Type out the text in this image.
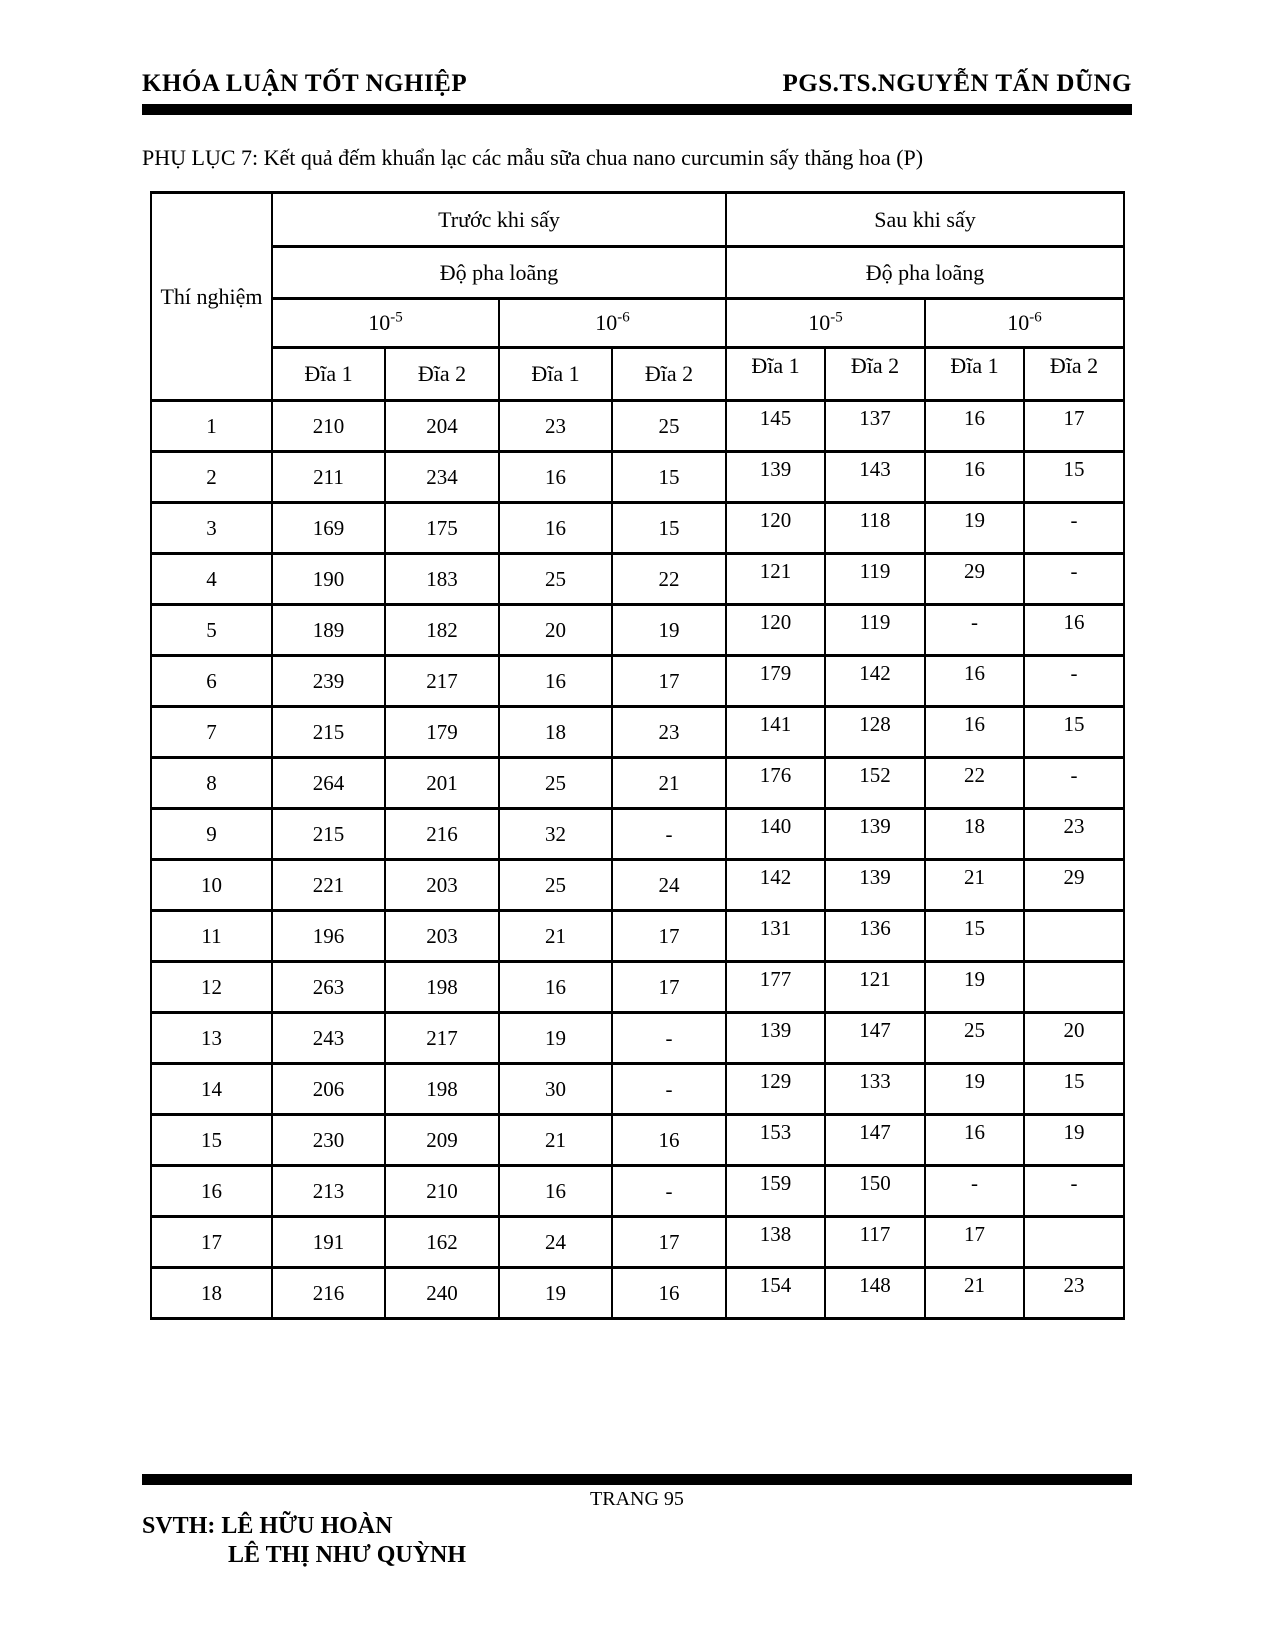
KHÓA LUẬN TỐT NGHIỆP	PGS.TS.NGUYỄN TẤN DŨNG

PHỤ LỤC 7: Kết quả đếm khuẩn lạc các mẫu sữa chua nano curcumin sấy thăng hoa (P)

Thí nghiệm	Trước khi sấy				Sau khi sấy			
	Độ pha loãng				Độ pha loãng			
	$10^{-5}$		$10^{-6}$		$10^{-5}$		$10^{-6}$
	Đĩa 1	Đĩa 2	Đĩa 1	Đĩa 2	Đĩa 1	Đĩa 2	Đĩa 1	Đĩa 2
1	210	204	23	25	145	137	16	17
2	211	234	16	15	139	143	16	15
3	169	175	16	15	120	118	19	-
4	190	183	25	22	121	119	29	-
5	189	182	20	19	120	119	-	16
6	239	217	16	17	179	142	16	-
7	215	179	18	23	141	128	16	15
8	264	201	25	21	176	152	22	-
9	215	216	32	-	140	139	18	23
10	221	203	25	24	142	139	21	29
11	196	203	21	17	131	136	15	
12	263	198	16	17	177	121	19	
13	243	217	19	-	139	147	25	20
14	206	198	30	-	129	133	19	15
15	230	209	21	16	153	147	16	19
16	213	210	16	-	159	150	-	-
17	191	162	24	17	138	117	17	
18	216	240	19	16	154	148	21	23
TRANG 95
SVTH: LÊ HỮU HOÀN
LÊ THỊ NHƯ QUỲNH
